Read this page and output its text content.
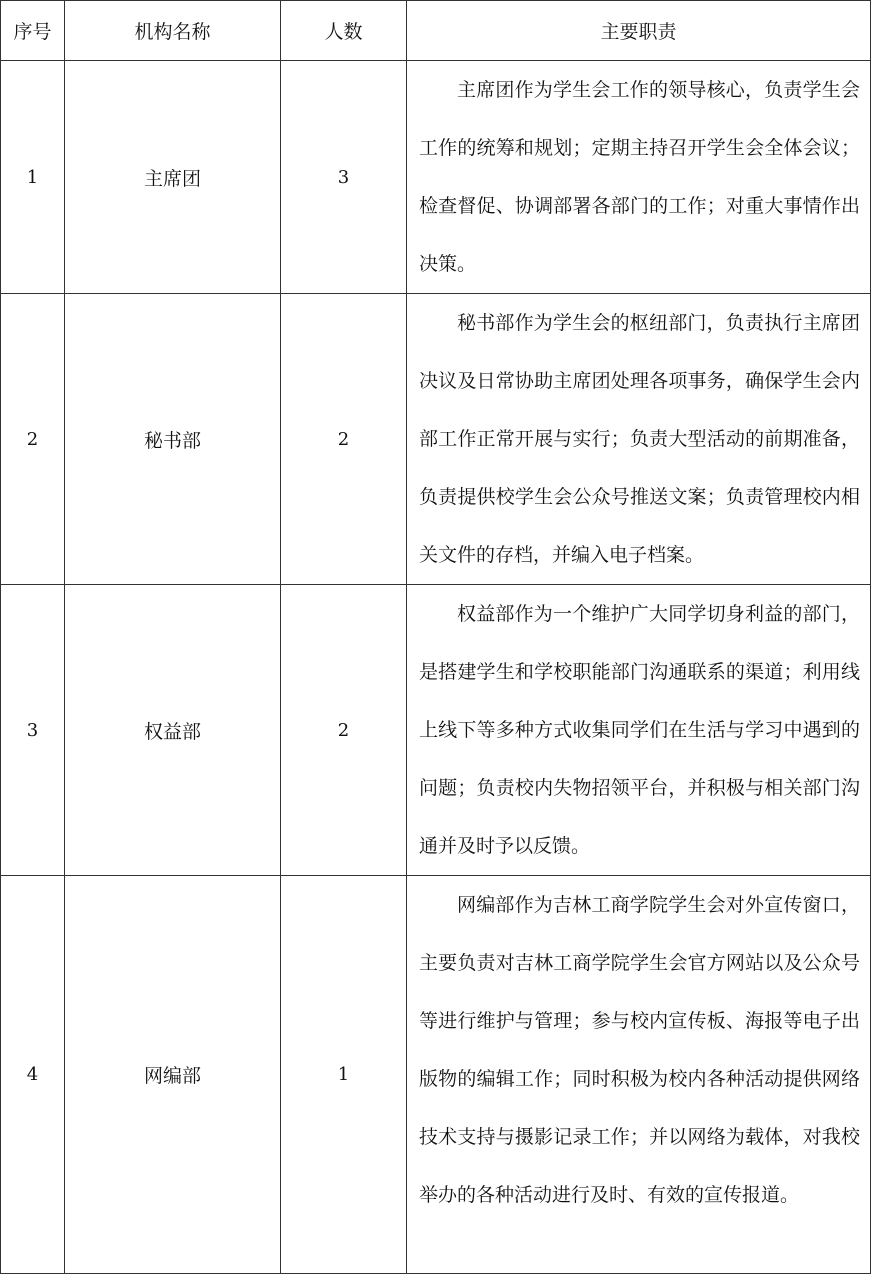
序号	机构名称	人数	主要职责
1	主席团	3	主席团作为学生会工作的领导核心，负责学生会工作的统筹和规划；定期主持召开学生会全体会议；检查督促、协调部署各部门的工作；对重大事情作出决策。

2	秘书部	2	秘书部作为学生会的枢纽部门，负责执行主席团决议及日常协助主席团处理各项事务，确保学生会内部工作正常开展与实行；负责大型活动的前期准备，负责提供校学生会公众号推送文案；负责管理校内相关文件的存档，并编入电子档案。

3	权益部	2	权益部作为一个维护广大同学切身利益的部门，是搭建学生和学校职能部门沟通联系的渠道；利用线上线下等多种方式收集同学们在生活与学习中遇到的问题；负责校内失物招领平台，并积极与相关部门沟通并及时予以反馈。

4	网编部	1	网编部作为吉林工商学院学生会对外宣传窗口，主要负责对吉林工商学院学生会官方网站以及公众号等进行维护与管理；参与校内宣传板、海报等电子出版物的编辑工作；同时积极为校内各种活动提供网络技术支持与摄影记录工作；并以网络为载体，对我校举办的各种活动进行及时、有效的宣传报道。
